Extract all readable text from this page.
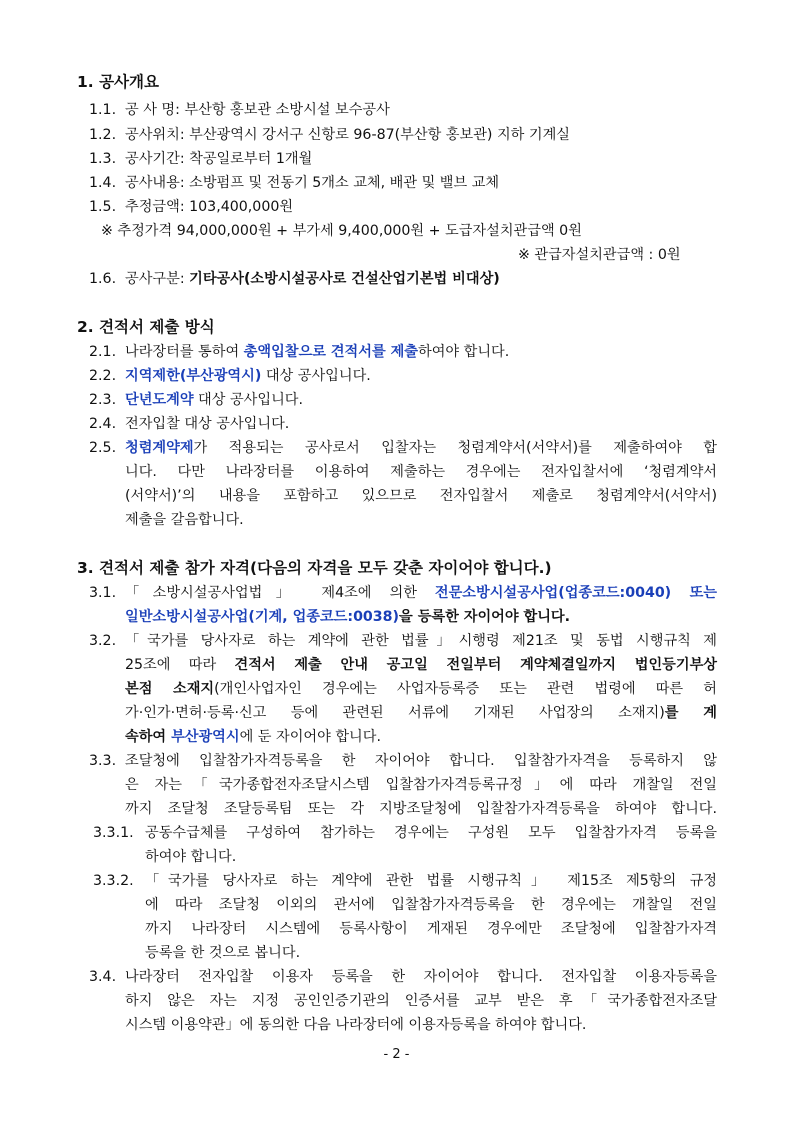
1. 공사개요
1.1. 공 사 명: 부산항 홍보관 소방시설 보수공사
1.2. 공사위치: 부산광역시 강서구 신항로 96-87(부산항 홍보관) 지하 기계실
1.3. 공사기간: 착공일로부터 1개월
1.4. 공사내용: 소방펌프 및 전동기 5개소 교체, 배관 및 밸브 교체
1.5. 추정금액: 103,400,000원
※ 추정가격 94,000,000원 + 부가세 9,400,000원 + 도급자설치관급액 0원
※ 관급자설치관급액 : 0원
1.6. 공사구분: 기타공사(소방시설공사로 건설산업기본법 비대상)
2. 견적서 제출 방식
2.1. 나라장터를 통하여 총액입찰으로 견적서를 제출하여야 합니다.
2.2. 지역제한(부산광역시) 대상 공사입니다.
2.3. 단년도계약 대상 공사입니다.
2.4. 전자입찰 대상 공사입니다.
2.5. 청렴계약제가 적용되는 공사로서 입찰자는 청렴계약서(서약서)를 제출하여야 합
니다. 다만 나라장터를 이용하여 제출하는 경우에는 전자입찰서에 ‘청렴계약서
(서약서)’의 내용을 포함하고 있으므로 전자입찰서 제출로 청렴계약서(서약서)
제출을 갈음합니다.
3. 견적서 제출 참가 자격(다음의 자격을 모두 갖춘 자이어야 합니다.)
3.1. 「소방시설공사업법」 제4조에 의한 전문소방시설공사업(업종코드:0040) 또는
일반소방시설공사업(기계, 업종코드:0038)을 등록한 자이어야 합니다.
3.2. 「국가를 당사자로 하는 계약에 관한 법률」시행령 제21조 및 동법 시행규칙 제
25조에 따라 견적서 제출 안내 공고일 전일부터 계약체결일까지 법인등기부상
본점 소재지(개인사업자인 경우에는 사업자등록증 또는 관련 법령에 따른 허
가·인가·면허·등록·신고 등에 관련된 서류에 기재된 사업장의 소재지)를 계
속하여 부산광역시에 둔 자이어야 합니다.
3.3. 조달청에 입찰참가자격등록을 한 자이어야 합니다. 입찰참가자격을 등록하지 않
은 자는「국가종합전자조달시스템 입찰참가자격등록규정」에 따라 개찰일 전일
까지 조달청 조달등록팀 또는 각 지방조달청에 입찰참가자격등록을 하여야 합니다.
3.3.1. 공동수급체를 구성하여 참가하는 경우에는 구성원 모두 입찰참가자격 등록을
하여야 합니다.
3.3.2. 「국가를 당사자로 하는 계약에 관한 법률 시행규칙」 제15조 제5항의 규정
에 따라 조달청 이외의 관서에 입찰참가자격등록을 한 경우에는 개찰일 전일
까지 나라장터 시스템에 등록사항이 게재된 경우에만 조달청에 입찰참가자격
등록을 한 것으로 봅니다.
3.4. 나라장터 전자입찰 이용자 등록을 한 자이어야 합니다. 전자입찰 이용자등록을
하지 않은 자는 지정 공인인증기관의 인증서를 교부 받은 후「국가종합전자조달
시스템 이용약관」에 동의한 다음 나라장터에 이용자등록을 하여야 합니다.
- 2 -
